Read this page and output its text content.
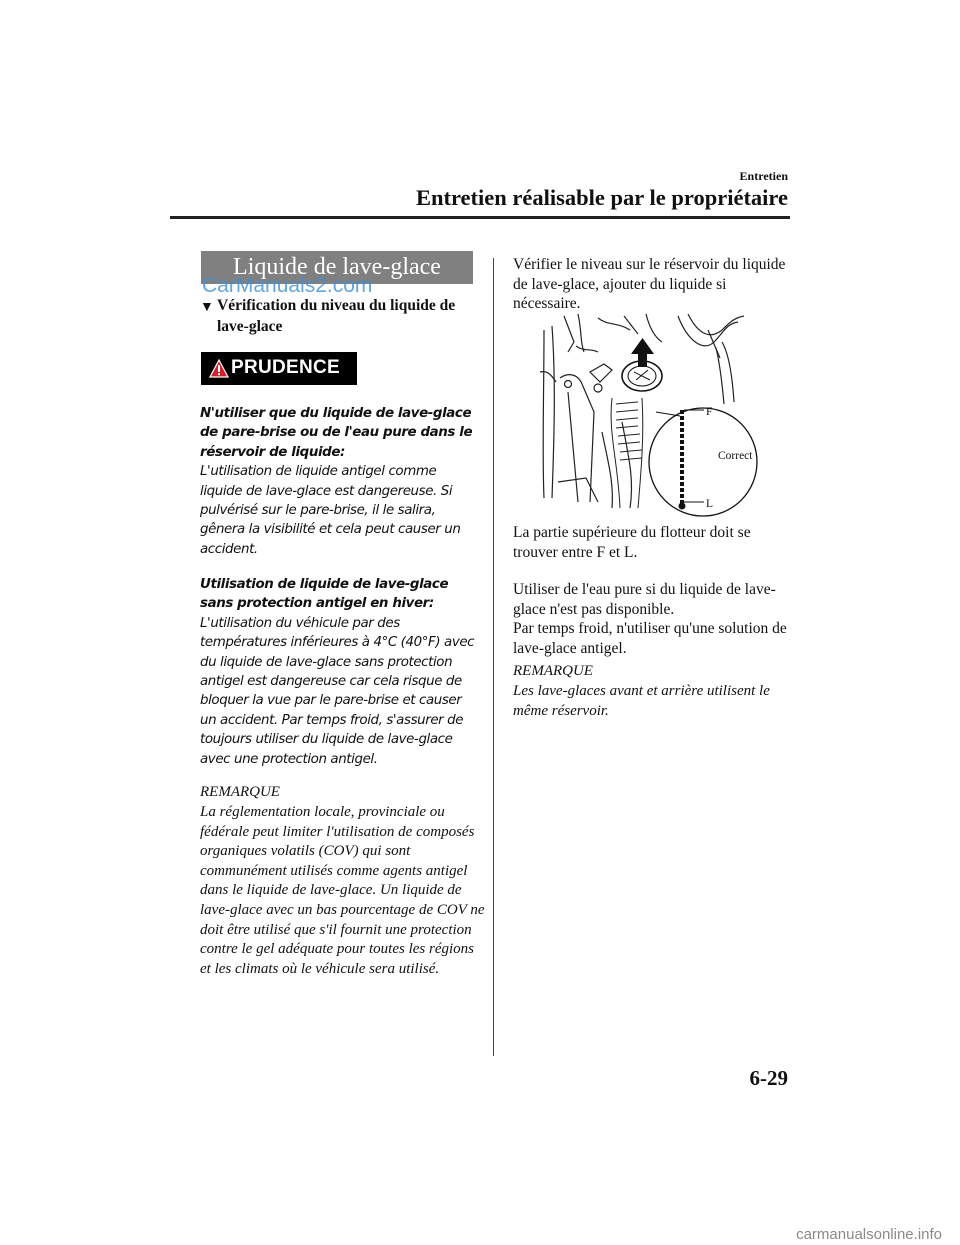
Entretien
Entretien réalisable par le propriétaire
Liquide de lave-glace
CarManuals2.com
▼ Vérification du niveau du liquide de lave-glace
PRUDENCE
N'utiliser que du liquide de lave-glace de pare-brise ou de l'eau pure dans le réservoir de liquide:
L'utilisation de liquide antigel comme liquide de lave-glace est dangereuse. Si pulvérisé sur le pare-brise, il le salira, gênera la visibilité et cela peut causer un accident.
Utilisation de liquide de lave-glace sans protection antigel en hiver:
L'utilisation du véhicule par des températures inférieures à 4°C (40°F) avec du liquide de lave-glace sans protection antigel est dangereuse car cela risque de bloquer la vue par le pare-brise et causer un accident. Par temps froid, s'assurer de toujours utiliser du liquide de lave-glace avec une protection antigel.
REMARQUE
La réglementation locale, provinciale ou fédérale peut limiter l'utilisation de composés organiques volatils (COV) qui sont communément utilisés comme agents antigel dans le liquide de lave-glace. Un liquide de lave-glace avec un bas pourcentage de COV ne doit être utilisé que s'il fournit une protection contre le gel adéquate pour toutes les régions et les climats où le véhicule sera utilisé.
Vérifier le niveau sur le réservoir du liquide de lave-glace, ajouter du liquide si nécessaire.
F
Correct
L
La partie supérieure du flotteur doit se trouver entre F et L.
Utiliser de l'eau pure si du liquide de lave-glace n'est pas disponible.
Par temps froid, n'utiliser qu'une solution de lave-glace antigel.
REMARQUE
Les lave-glaces avant et arrière utilisent le même réservoir.
6-29
carmanualsonline.info
